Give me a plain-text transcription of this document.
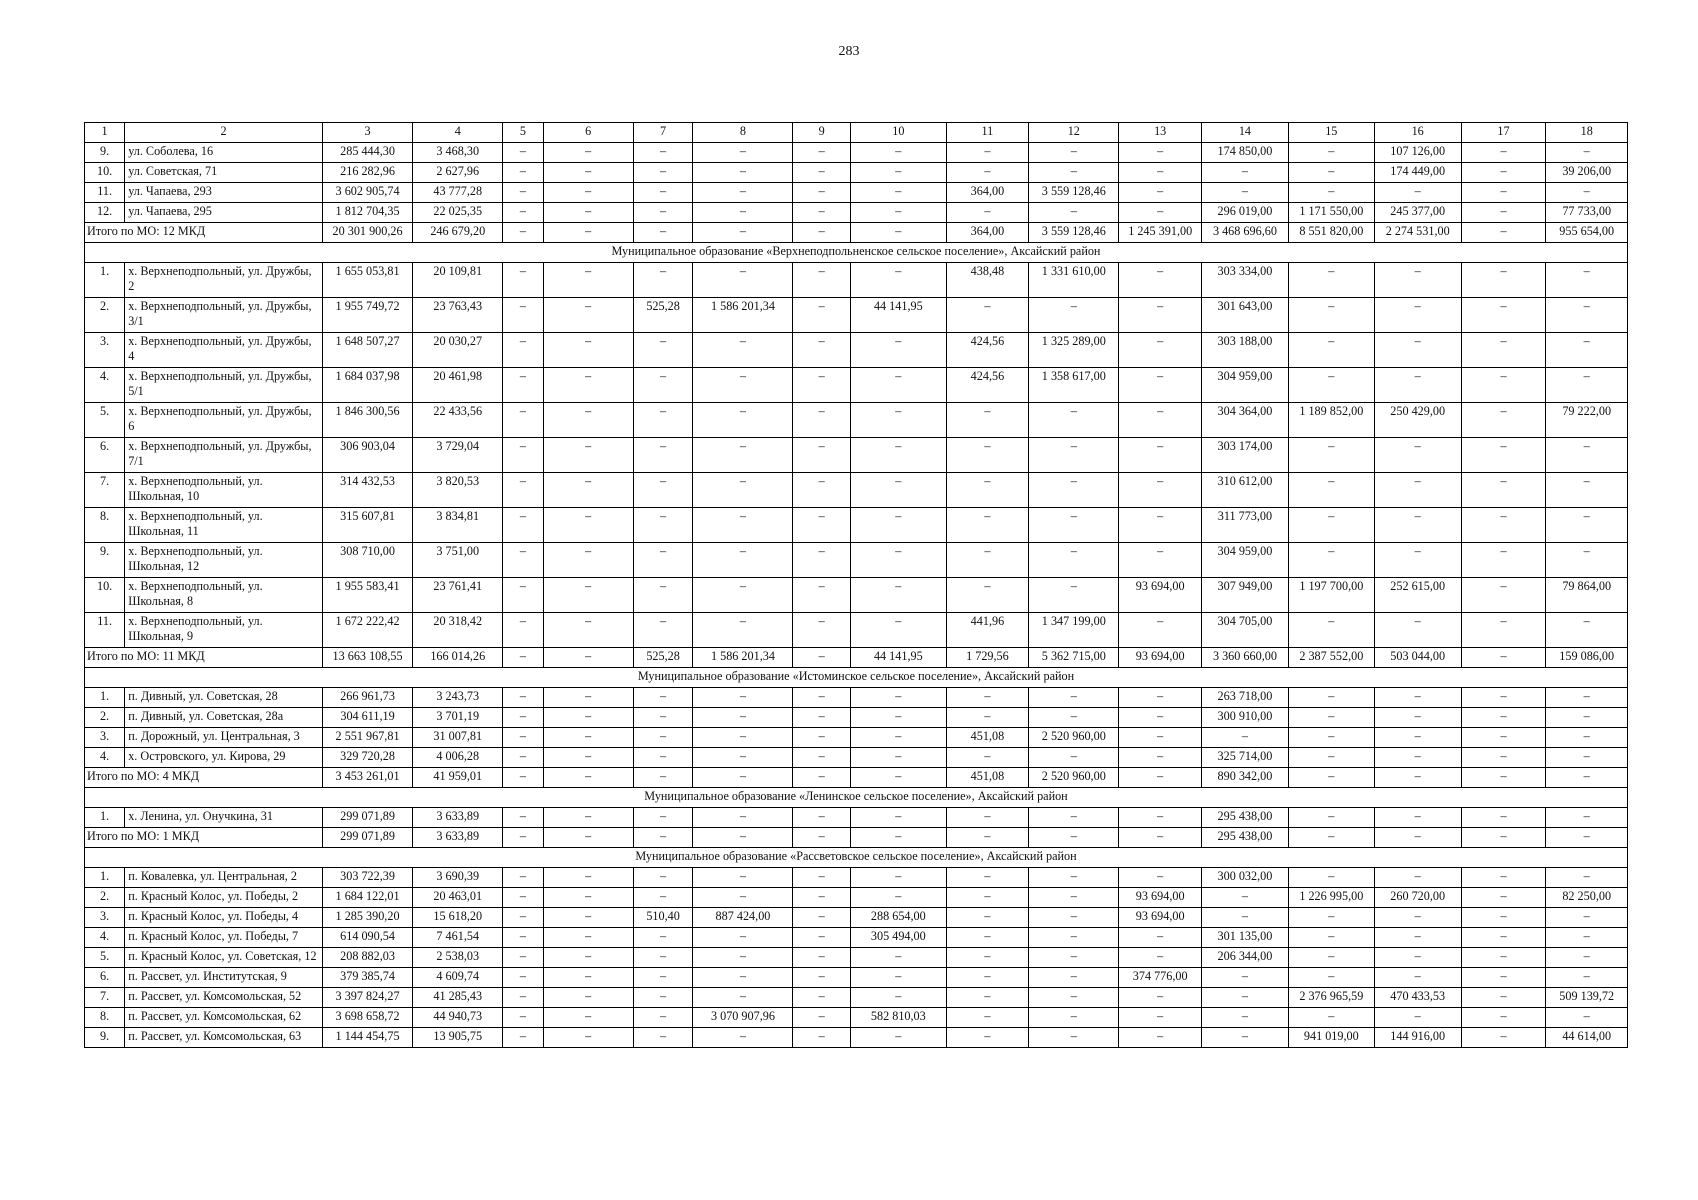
283
1	2	3	4	5	6	7	8	9	10	11	12	13	14	15	16	17	18
9.	ул. Соболева, 16	285 444,30	3 468,30	–	–	–	–	–	–	–	–	–	174 850,00	–	107 126,00	–	–
10.	ул. Советская, 71	216 282,96	2 627,96	–	–	–	–	–	–	–	–	–	–	–	174 449,00	–	39 206,00
11.	ул. Чапаева, 293	3 602 905,74	43 777,28	–	–	–	–	–	–	364,00	3 559 128,46	–	–	–	–	–	–
12.	ул. Чапаева, 295	1 812 704,35	22 025,35	–	–	–	–	–	–	–	–	–	296 019,00	1 171 550,00	245 377,00	–	77 733,00
Итого по МО: 12 МКД		20 301 900,26	246 679,20	–	–	–	–	–	–	364,00	3 559 128,46	1 245 391,00	3 468 696,60	8 551 820,00	2 274 531,00	–	955 654,00
Муниципальное образование «Верхнеподпольненское сельское поселение», Аксайский район																	
1.	х. Верхнеподпольный, ул. Дружбы, 2	1 655 053,81	20 109,81	–	–	–	–	–	–	438,48	1 331 610,00	–	303 334,00	–	–	–	–
2.	х. Верхнеподпольный, ул. Дружбы, 3/1	1 955 749,72	23 763,43	–	–	525,28	1 586 201,34	–	44 141,95	–	–	–	301 643,00	–	–	–	–
3.	х. Верхнеподпольный, ул. Дружбы, 4	1 648 507,27	20 030,27	–	–	–	–	–	–	424,56	1 325 289,00	–	303 188,00	–	–	–	–
4.	х. Верхнеподпольный, ул. Дружбы, 5/1	1 684 037,98	20 461,98	–	–	–	–	–	–	424,56	1 358 617,00	–	304 959,00	–	–	–	–
5.	х. Верхнеподпольный, ул. Дружбы, 6	1 846 300,56	22 433,56	–	–	–	–	–	–	–	–	–	304 364,00	1 189 852,00	250 429,00	–	79 222,00
6.	х. Верхнеподпольный, ул. Дружбы, 7/1	306 903,04	3 729,04	–	–	–	–	–	–	–	–	–	303 174,00	–	–	–	–
7.	х. Верхнеподпольный, ул. Школьная, 10	314 432,53	3 820,53	–	–	–	–	–	–	–	–	–	310 612,00	–	–	–	–
8.	х. Верхнеподпольный, ул. Школьная, 11	315 607,81	3 834,81	–	–	–	–	–	–	–	–	–	311 773,00	–	–	–	–
9.	х. Верхнеподпольный, ул. Школьная, 12	308 710,00	3 751,00	–	–	–	–	–	–	–	–	–	304 959,00	–	–	–	–
10.	х. Верхнеподпольный, ул. Школьная, 8	1 955 583,41	23 761,41	–	–	–	–	–	–	–	–	93 694,00	307 949,00	1 197 700,00	252 615,00	–	79 864,00
11.	х. Верхнеподпольный, ул. Школьная, 9	1 672 222,42	20 318,42	–	–	–	–	–	–	441,96	1 347 199,00	–	304 705,00	–	–	–	–
Итого по МО: 11 МКД		13 663 108,55	166 014,26	–	–	525,28	1 586 201,34	–	44 141,95	1 729,56	5 362 715,00	93 694,00	3 360 660,00	2 387 552,00	503 044,00	–	159 086,00
Муниципальное образование «Истоминское сельское поселение», Аксайский район																	
1.	п. Дивный, ул. Советская, 28	266 961,73	3 243,73	–	–	–	–	–	–	–	–	–	263 718,00	–	–	–	–
2.	п. Дивный, ул. Советская, 28а	304 611,19	3 701,19	–	–	–	–	–	–	–	–	–	300 910,00	–	–	–	–
3.	п. Дорожный, ул. Центральная, 3	2 551 967,81	31 007,81	–	–	–	–	–	–	451,08	2 520 960,00	–	–	–	–	–	–
4.	х. Островского, ул. Кирова, 29	329 720,28	4 006,28	–	–	–	–	–	–	–	–	–	325 714,00	–	–	–	–
Итого по МО: 4 МКД		3 453 261,01	41 959,01	–	–	–	–	–	–	451,08	2 520 960,00	–	890 342,00	–	–	–	–
Муниципальное образование «Ленинское сельское поселение», Аксайский район																	
1.	х. Ленина, ул. Онучкина, 31	299 071,89	3 633,89	–	–	–	–	–	–	–	–	–	295 438,00	–	–	–	–
Итого по МО: 1 МКД		299 071,89	3 633,89	–	–	–	–	–	–	–	–	–	295 438,00	–	–	–	–
Муниципальное образование «Рассветовское сельское поселение», Аксайский район																	
1.	п. Ковалевка, ул. Центральная, 2	303 722,39	3 690,39	–	–	–	–	–	–	–	–	–	300 032,00	–	–	–	–
2.	п. Красный Колос, ул. Победы, 2	1 684 122,01	20 463,01	–	–	–	–	–	–	–	–	93 694,00	–	1 226 995,00	260 720,00	–	82 250,00
3.	п. Красный Колос, ул. Победы, 4	1 285 390,20	15 618,20	–	–	510,40	887 424,00	–	288 654,00	–	–	93 694,00	–	–	–	–	–
4.	п. Красный Колос, ул. Победы, 7	614 090,54	7 461,54	–	–	–	–	–	305 494,00	–	–	–	301 135,00	–	–	–	–
5.	п. Красный Колос, ул. Советская, 12	208 882,03	2 538,03	–	–	–	–	–	–	–	–	–	206 344,00	–	–	–	–
6.	п. Рассвет, ул. Институтская, 9	379 385,74	4 609,74	–	–	–	–	–	–	–	–	374 776,00	–	–	–	–	–
7.	п. Рассвет, ул. Комсомольская, 52	3 397 824,27	41 285,43	–	–	–	–	–	–	–	–	–	–	2 376 965,59	470 433,53	–	509 139,72
8.	п. Рассвет, ул. Комсомольская, 62	3 698 658,72	44 940,73	–	–	–	3 070 907,96	–	582 810,03	–	–	–	–	–	–	–	–
9.	п. Рассвет, ул. Комсомольская, 63	1 144 454,75	13 905,75	–	–	–	–	–	–	–	–	–	–	941 019,00	144 916,00	–	44 614,00
